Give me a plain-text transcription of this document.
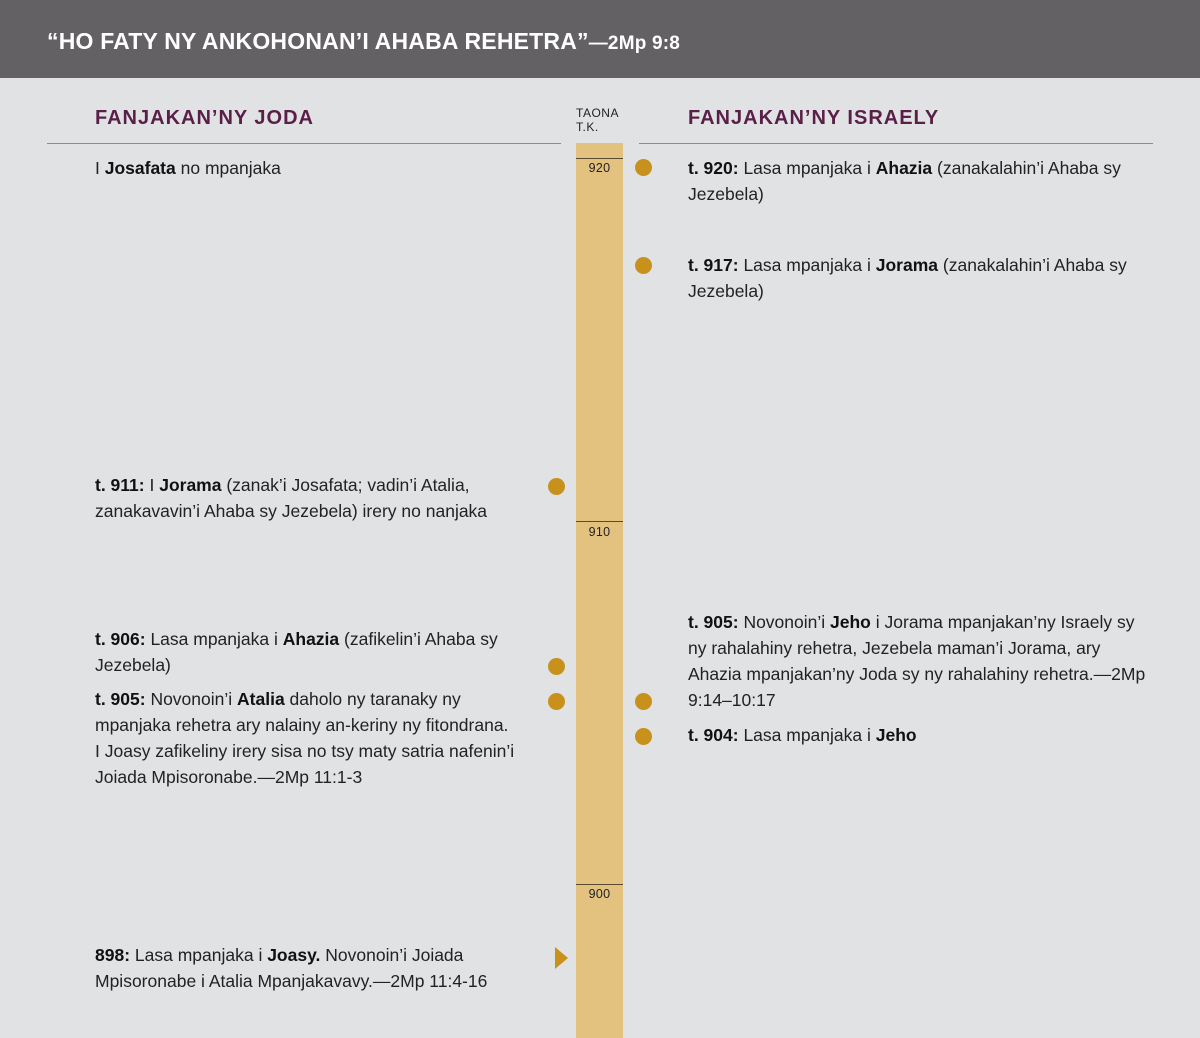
“HO FATY NY ANKOHONAN’I AHABA REHETRA”—2Mp 9:8
FANJAKAN’NY JODA	FANJAKAN’NY ISRAELY
TAONA
T.K.
920
910
900
I Josafata no mpanjaka
t. 911: I Jorama (zanak’i Josafata; vadin’i Atalia, zanakavavin’i Ahaba sy Jezebela) irery no nanjaka
t. 906: Lasa mpanjaka i Ahazia (zafikelin’i Ahaba sy Jezebela)
t. 905: Novonoin’i Atalia daholo ny taranaky ny mpanjaka rehetra ary nalainy an-keriny ny fitondrana. I Joasy zafikeliny irery sisa no tsy maty satria nafenin’i Joiada Mpisoronabe.—2Mp 11:1-3
898: Lasa mpanjaka i Joasy. Novonoin’i Joiada Mpisoronabe i Atalia Mpanjakavavy.—2Mp 11:4-16
t. 920: Lasa mpanjaka i Ahazia (zanakalahin’i Ahaba sy Jezebela)
t. 917: Lasa mpanjaka i Jorama (zanakalahin’i Ahaba sy Jezebela)
t. 905: Novonoin’i Jeho i Jorama mpanjakan’ny Israely sy ny rahalahiny rehetra, Jezebela maman’i Jorama, ary Ahazia mpanjakan’ny Joda sy ny rahalahiny rehetra.—2Mp 9:14–10:17
t. 904: Lasa mpanjaka i Jeho
